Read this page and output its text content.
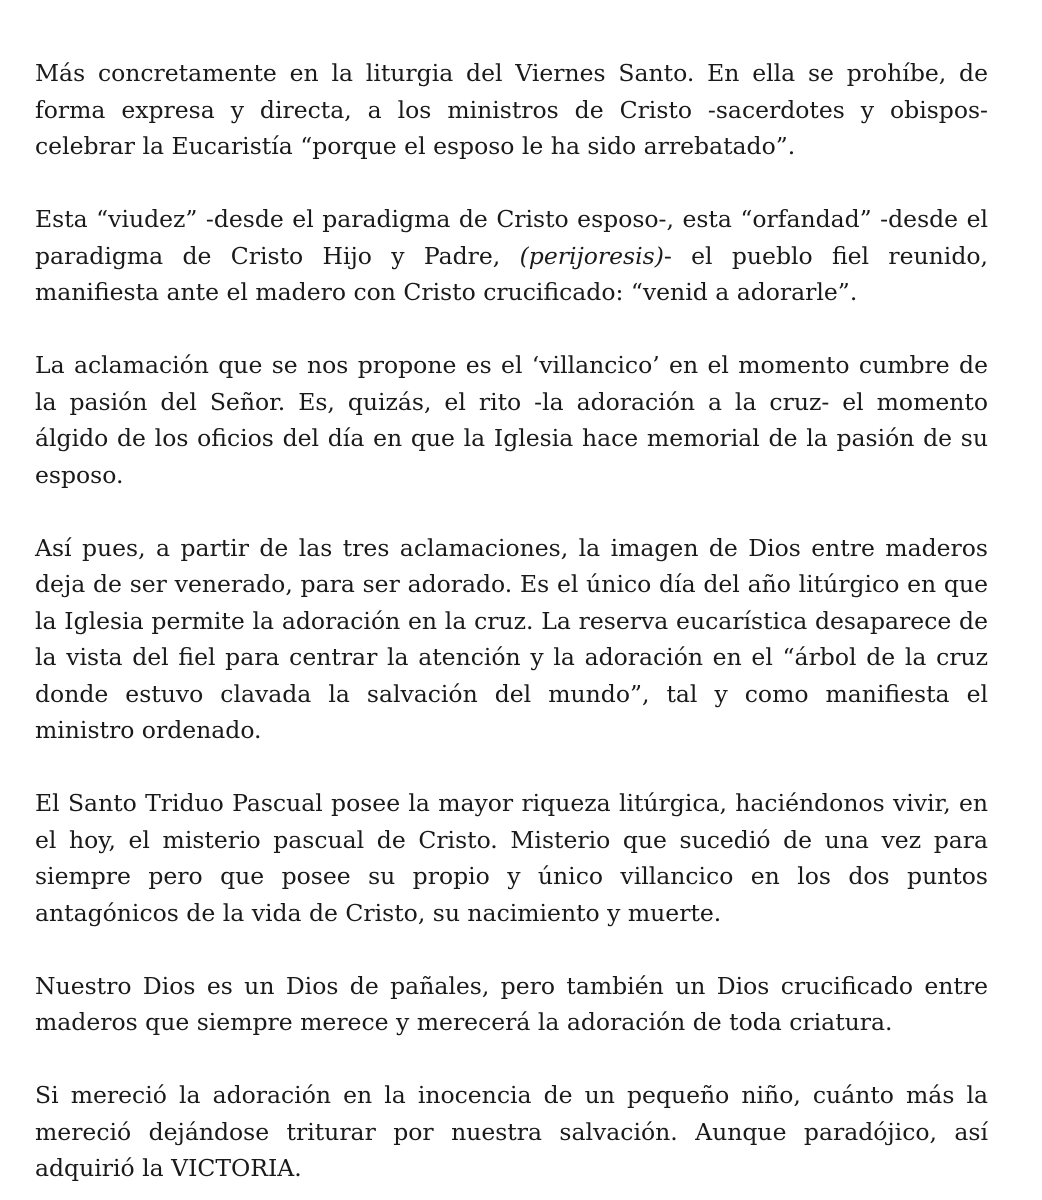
Más concretamente en la liturgia del Viernes Santo. En ella se prohíbe, de forma expresa y directa, a los ministros de Cristo -sacerdotes y obispos- celebrar la Eucaristía “porque el esposo le ha sido arrebatado”.

Esta “viudez” -desde el paradigma de Cristo esposo-, esta “orfandad” -desde el paradigma de Cristo Hijo y Padre, (perijoresis)- el pueblo fiel reunido, manifiesta ante el madero con Cristo crucificado: “venid a adorarle”.

La aclamación que se nos propone es el ‘villancico’ en el momento cumbre de la pasión del Señor. Es, quizás, el rito -la adoración a la cruz- el momento álgido de los oficios del día en que la Iglesia hace memorial de la pasión de su esposo.

Así pues, a partir de las tres aclamaciones, la imagen de Dios entre maderos deja de ser venerado, para ser adorado. Es el único día del año litúrgico en que la Iglesia permite la adoración en la cruz. La reserva eucarística desaparece de la vista del fiel para centrar la atención y la adoración en el “árbol de la cruz donde estuvo clavada la salvación del mundo”, tal y como manifiesta el ministro ordenado.

El Santo Triduo Pascual posee la mayor riqueza litúrgica, haciéndonos vivir, en el hoy, el misterio pascual de Cristo. Misterio que sucedió de una vez para siempre pero que posee su propio y único villancico en los dos puntos antagónicos de la vida de Cristo, su nacimiento y muerte.

Nuestro Dios es un Dios de pañales, pero también un Dios crucificado entre maderos que siempre merece y merecerá la adoración de toda criatura.

Si mereció la adoración en la inocencia de un pequeño niño, cuánto más la mereció dejándose triturar por nuestra salvación. Aunque paradójico, así adquirió la VICTORIA.
